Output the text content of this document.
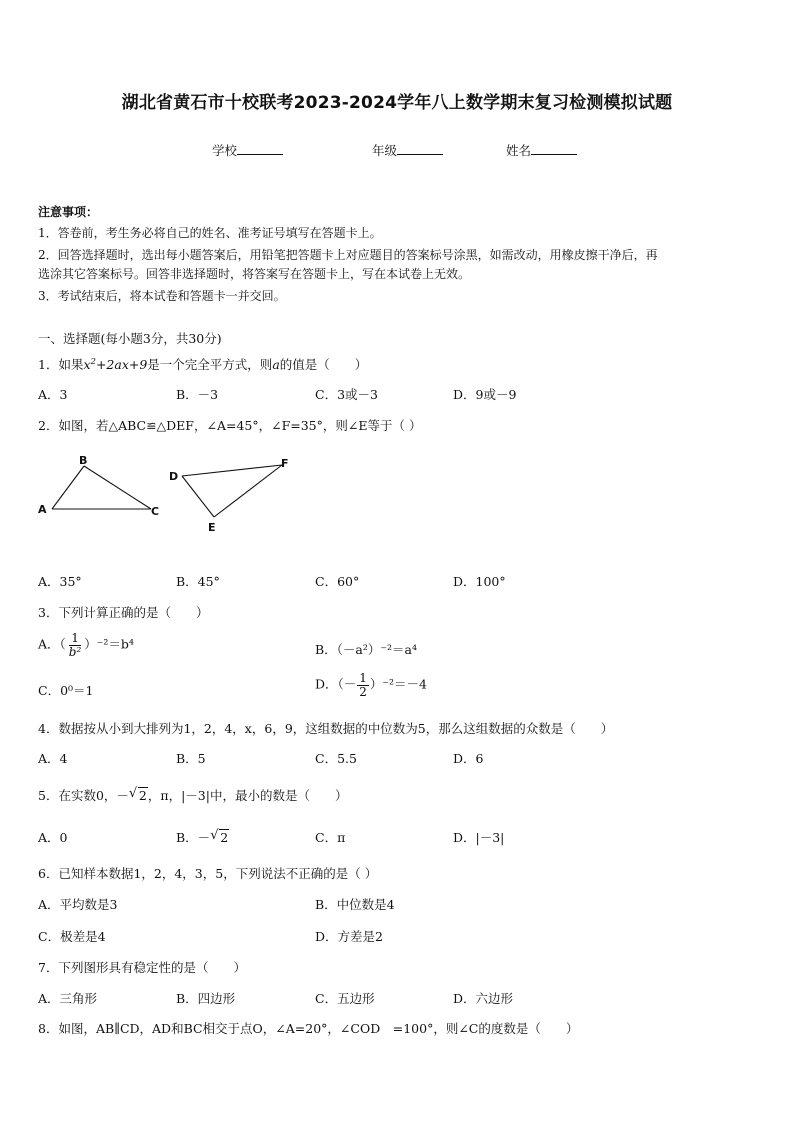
湖北省黄石市十校联考2023-2024学年八上数学期末复习检测模拟试题
学校	年级	姓名
注意事项：
1．答卷前，考生务必将自己的姓名、准考证号填写在答题卡上。
2．回答选择题时，选出每小题答案后，用铅笔把答题卡上对应题目的答案标号涂黑，如需改动，用橡皮擦干净后，再
选涂其它答案标号。回答非选择题时，将答案写在答题卡上，写在本试卷上无效。
3．考试结束后，将本试卷和答题卡一并交回。
一、选择题(每小题3分，共30分)
1．如果$x^2+2ax+9$是一个完全平方式，则a的值是（　　）
A．3	B．－3	C．3或－3	D．9或－9
2．如图，若△ABC≌△DEF，∠A=45°，∠F=35°，则∠E等于（ ）
A
B
C
D
E
F
A．35°	B．45°	C．60°	D．100°
3．下列计算正确的是（　　）
A．（ $\frac{1}{\text{b²}} )^{-2}=b^4$	B．（－a²）⁻²＝a⁴
C．0⁰＝1	D．（－ $\frac{1}{2} )^{-2}=-4$
4．数据按从小到大排列为1，2，4，x，6，9，这组数据的中位数为5，那么这组数据的众数是（　　）
A．4	B．5	C．5.5	D．6
5．在实数0，－ √ 2，π，|－3|中，最小的数是（　　）
A．0	B．－ √ 2	C．π	D．|－3|
6．已知样本数据1，2，4，3，5，下列说法不正确的是（ ）
A．平均数是3	B．中位数是4
C．极差是4	D．方差是2
7．下列图形具有稳定性的是（　　）
A．三角形	B．四边形	C．五边形	D．六边形
8．如图，AB∥CD，AD和BC相交于点O，∠A=20°，∠COD　=100°，则∠C的度数是（　　）
